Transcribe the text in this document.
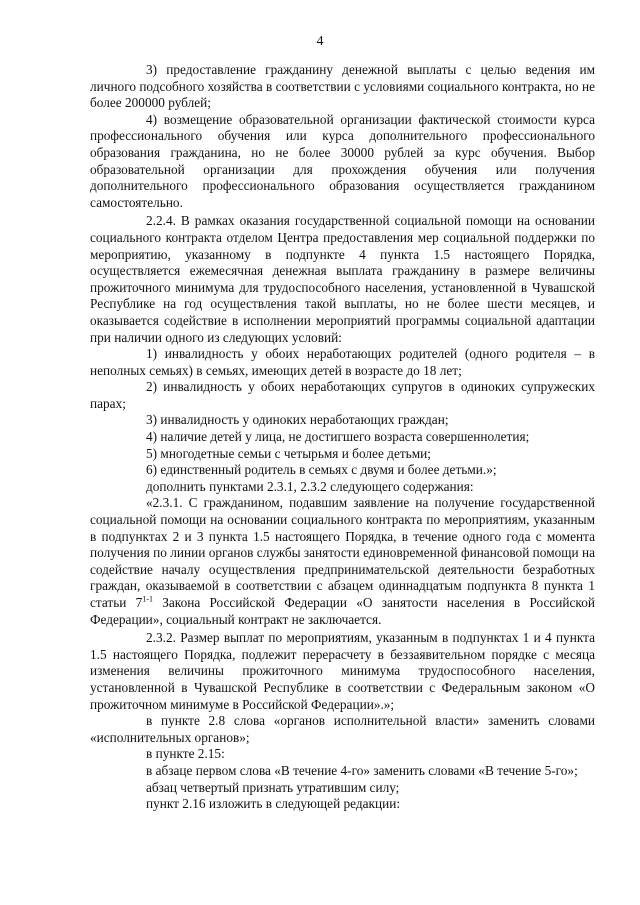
4

3) предоставление гражданину денежной выплаты с целью ведения им личного подсобного хозяйства в соответствии с условиями социального контракта, но не более 200000 рублей;

4) возмещение образовательной организации фактической стоимости курса профессионального обучения или курса дополнительного профессионального образования гражданина, но не более 30000 рублей за курс обучения. Выбор образовательной организации для прохождения обучения или получения дополнительного профессионального образования осуществляется гражданином самостоятельно.

2.2.4. В рамках оказания государственной социальной помощи на основании социального контракта отделом Центра предоставления мер социальной поддержки по мероприятию, указанному в подпункте 4 пункта 1.5 настоящего Порядка, осуществляется ежемесячная денежная выплата гражданину в размере величины прожиточного минимума для трудоспособного населения, установленной в Чувашской Республике на год осуществления такой выплаты, но не более шести месяцев, и оказывается содействие в исполнении мероприятий программы социальной адаптации при наличии одного из следующих условий:

1) инвалидность у обоих неработающих родителей (одного родителя – в неполных семьях) в семьях, имеющих детей в возрасте до 18 лет;

2) инвалидность у обоих неработающих супругов в одиноких супружеских парах;

3) инвалидность у одиноких неработающих граждан;

4) наличие детей у лица, не достигшего возраста совершеннолетия;

5) многодетные семьи с четырьмя и более детьми;

6) единственный родитель в семьях с двумя и более детьми.»;

дополнить пунктами 2.3.1, 2.3.2 следующего содержания:

«2.3.1. С гражданином, подавшим заявление на получение государственной социальной помощи на основании социального контракта по мероприятиям, указанным в подпунктах 2 и 3 пункта 1.5 настоящего Порядка, в течение одного года с момента получения по линии органов службы занятости единовременной финансовой помощи на содействие началу осуществления предпринимательской деятельности безработных граждан, оказываемой в соответствии с абзацем одиннадцатым подпункта 8 пункта 1 статьи 7$^{1-1}$ Закона Российской Федерации «О занятости населения в Российской Федерации», социальный контракт не заключается.

2.3.2. Размер выплат по мероприятиям, указанным в подпунктах 1 и 4 пункта 1.5 настоящего Порядка, подлежит перерасчету в беззаявительном порядке с месяца изменения величины прожиточного минимума трудоспособного населения, установленной в Чувашской Республике в соответствии с Федеральным законом «О прожиточном минимуме в Российской Федерации».»;

в пункте 2.8 слова «органов исполнительной власти» заменить словами «исполнительных органов»;

в пункте 2.15:

в абзаце первом слова «В течение 4-го» заменить словами «В течение 5-го»;

абзац четвертый признать утратившим силу;

пункт 2.16 изложить в следующей редакции:
